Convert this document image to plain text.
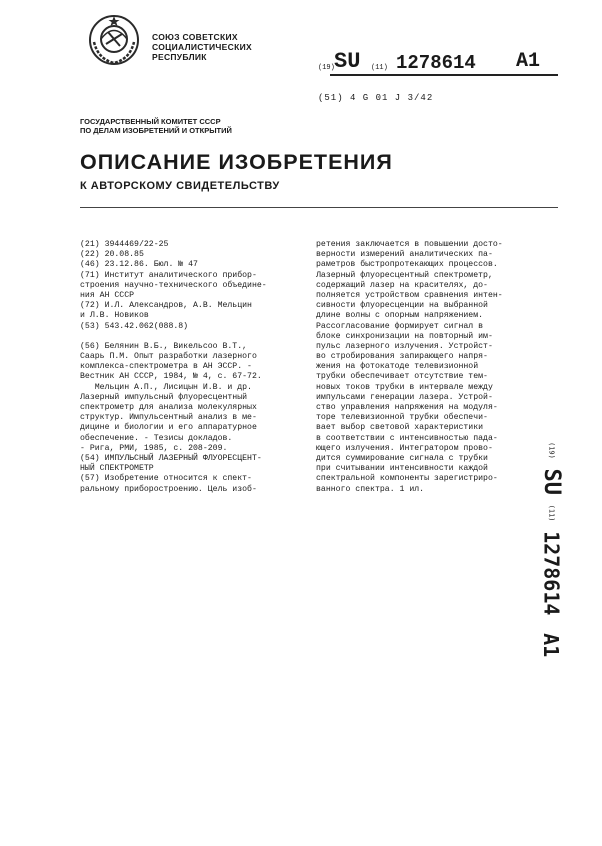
СОЮЗ СОВЕТСКИХ
СОЦИАЛИСТИЧЕСКИХ
РЕСПУБЛИК
(19) SU (11) 1278614 A1
(51) 4 G 01 J 3/42
ГОСУДАРСТВЕННЫЙ КОМИТЕТ СССР
ПО ДЕЛАМ ИЗОБРЕТЕНИЙ И ОТКРЫТИЙ
ОПИСАНИЕ ИЗОБРЕТЕНИЯ
К АВТОРСКОМУ СВИДЕТЕЛЬСТВУ
(21) 3944469/22-25
(22) 20.08.85
(46) 23.12.86. Бюл. № 47
(71) Институт аналитического прибор-
строения научно-технического объедине-
ния АН СССР
(72) И.Л. Александров, А.В. Мельцин
и Л.В. Новиков
(53) 543.42.062(088.8)
(56) Белянин В.Б., Викельсоо В.Т.,
Саарь П.М. Опыт разработки лазерного
комплекса-спектрометра в АН ЭССР. -
Вестник АН СССР, 1984, № 4, с. 67-72.
Мельцин А.П., Лисицын И.В. и др.
Лазерный импульсный флуоресцентный
спектрометр для анализа молекулярных
структур. Импульсентный анализ в ме-
дицине и биологии и его аппаратурное
обеспечение. - Тезисы докладов.
- Рига, РМИ, 1985, с. 208-209.
(54) ИМПУЛЬСНЫЙ ЛАЗЕРНЫЙ ФЛУОРЕСЦЕНТ-
НЫЙ СПЕКТРОМЕТР
(57) Изобретение относится к спект-
ральному приборостроению. Цель изоб-
ретения заключается в повышении досто-
верности измерений аналитических па-
раметров быстропротекающих процессов.
Лазерный флуоресцентный спектрометр,
содержащий лазер на красителях, до-
полняется устройством сравнения интен-
сивности флуоресценции на выбранной
длине волны с опорным напряжением.
Рассогласование формирует сигнал в
блоке синхронизации на повторный им-
пульс лазерного излучения. Устройст-
во стробирования запирающего напря-
жения на фотокатоде телевизионной
трубки обеспечивает отсутствие тем-
новых токов трубки в интервале между
импульсами генерации лазера. Устрой-
ство управления напряжения на модуля-
торе телевизионной трубки обеспечи-
вает выбор световой характеристики
в соответствии с интенсивностью пада-
ющего излучения. Интегратором прово-
дится суммирование сигнала с трубки
при считывании интенсивности каждой
спектральной компоненты зарегистриро-
ванного спектра. 1 ил.
(19) SU (11) 1278614 A1
